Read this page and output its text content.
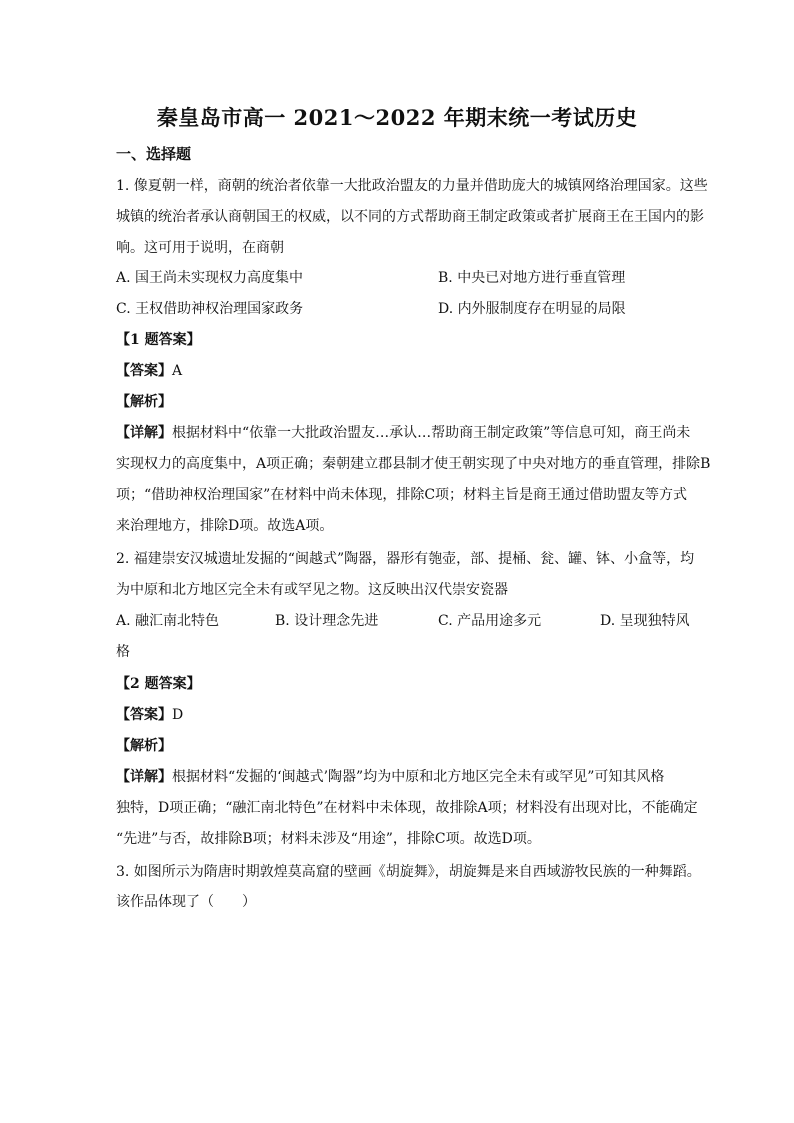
秦皇岛市高一 2021～2022 年期末统一考试历史
一、选择题
1. 像夏朝一样，商朝的统治者依靠一大批政治盟友的力量并借助庞大的城镇网络治理国家。这些
城镇的统治者承认商朝国王的权威，以不同的方式帮助商王制定政策或者扩展商王在王国内的影
响。这可用于说明，在商朝
A. 国王尚未实现权力高度集中	B. 中央已对地方进行垂直管理
C. 王权借助神权治理国家政务	D. 内外服制度存在明显的局限
【1 题答案】
【答案】A
【解析】
【详解】根据材料中“依靠一大批政治盟友…承认…帮助商王制定政策”等信息可知，商王尚未
实现权力的高度集中，A项正确；秦朝建立郡县制才使王朝实现了中央对地方的垂直管理，排除B
项；“借助神权治理国家”在材料中尚未体现，排除C项；材料主旨是商王通过借助盟友等方式
来治理地方，排除D项。故选A项。
2. 福建崇安汉城遗址发掘的“闽越式”陶器，器形有匏壶，部、提桶、瓮、罐、钵、小盒等，均
为中原和北方地区完全未有或罕见之物。这反映出汉代崇安瓷器
A. 融汇南北特色	B. 设计理念先进	C. 产品用途多元	D. 呈现独特风
格
【2 题答案】
【答案】D
【解析】
【详解】根据材料“发掘的‘闽越式’陶器”均为中原和北方地区完全未有或罕见”可知其风格
独特，D项正确；“融汇南北特色”在材料中未体现，故排除A项；材料没有出现对比，不能确定
“先进”与否，故排除B项；材料未涉及“用途”，排除C项。故选D项。
3. 如图所示为隋唐时期敦煌莫高窟的壁画《胡旋舞》，胡旋舞是来自西域游牧民族的一种舞蹈。
该作品体现了（　　）
